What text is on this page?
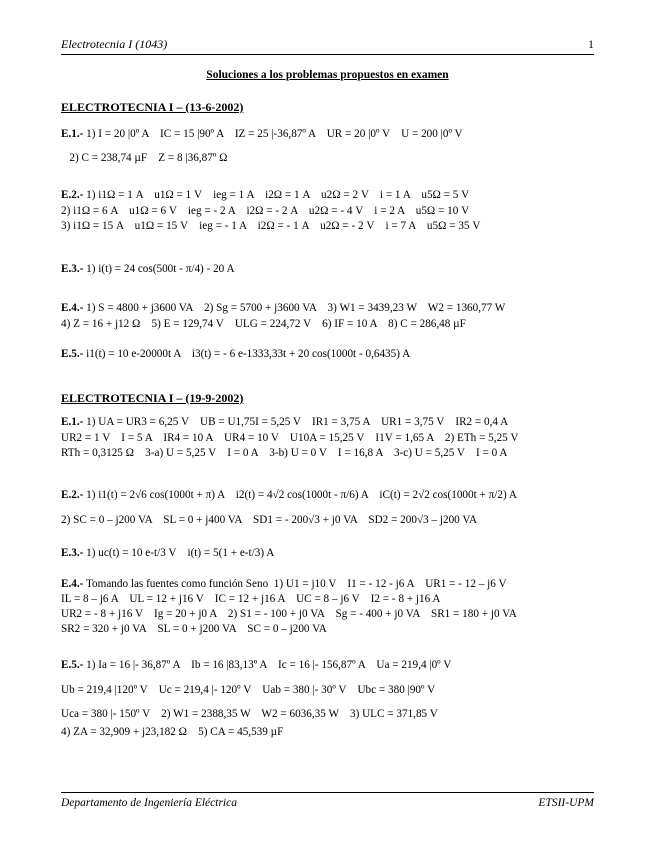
Electrotecnia I (1043)	1
Soluciones a los problemas propuestos en examen
ELECTROTECNIA I – (13-6-2002)
E.1.- 1) I = 20 |0º A    IC = 15 |90º A    IZ = 25 |-36,87º A    UR = 20 |0º V    U = 200 |0º V
2) C = 238,74 µF    Z = 8 |36,87º Ω
E.2.- 1) i1Ω = 1 A    u1Ω = 1 V    ieg = 1 A    i2Ω = 1 A    u2Ω = 2 V    i = 1 A    u5Ω = 5 V
2) i1Ω = 6 A    u1Ω = 6 V    ieg = - 2 A    i2Ω = - 2 A    u2Ω = - 4 V    i = 2 A    u5Ω = 10 V
3) i1Ω = 15 A    u1Ω = 15 V    ieg = - 1 A    i2Ω = - 1 A    u2Ω = - 2 V    i = 7 A    u5Ω = 35 V
E.3.- 1) i(t) = 24 cos(500t - π/4) - 20 A
E.4.- 1) S = 4800 + j3600 VA    2) Sg = 5700 + j3600 VA    3) W1 = 3439,23 W    W2 = 1360,77 W
4) Z = 16 + j12 Ω    5) E = 129,74 V    ULG = 224,72 V    6) IF = 10 A    8) C = 286,48 µF
E.5.- i1(t) = 10 e-20000t A    i3(t) = - 6 e-1333,33t + 20 cos(1000t - 0,6435) A
ELECTROTECNIA I – (19-9-2002)
E.1.- 1) UA = UR3 = 6,25 V    UB = U1,75I = 5,25 V    IR1 = 3,75 A    UR1 = 3,75 V    IR2 = 0,4 A
UR2 = 1 V    I = 5 A    IR4 = 10 A    UR4 = 10 V    U10A = 15,25 V    I1V = 1,65 A    2) ETh = 5,25 V
RTh = 0,3125 Ω    3-a) U = 5,25 V    I = 0 A    3-b) U = 0 V    I = 16,8 A    3-c) U = 5,25 V    I = 0 A
E.2.- 1) i1(t) = 2√6 cos(1000t + π) A    i2(t) = 4√2 cos(1000t - π/6) A    iC(t) = 2√2 cos(1000t + π/2) A
2) SC = 0 – j200 VA    SL = 0 + j400 VA    SD1 = - 200√3 + j0 VA    SD2 = 200√3 – j200 VA
E.3.- 1) uc(t) = 10 e-t/3 V    i(t) = 5(1 + e-t/3) A
E.4.- Tomando las fuentes como función Seno  1) U1 = j10 V    I1 = - 12 - j6 A    UR1 = - 12 – j6 V
IL = 8 – j6 A    UL = 12 + j16 V    IC = 12 + j16 A    UC = 8 – j6 V    I2 = - 8 + j16 A
UR2 = - 8 + j16 V    Ig = 20 + j0 A    2) S1 = - 100 + j0 VA    Sg = - 400 + j0 VA    SR1 = 180 + j0 VA
SR2 = 320 + j0 VA    SL = 0 + j200 VA    SC = 0 – j200 VA
E.5.- 1) Ia = 16 |- 36,87º A    Ib = 16 |83,13º A    Ic = 16 |- 156,87º A    Ua = 219,4 |0º V
Ub = 219,4 |120º V    Uc = 219,4 |- 120º V    Uab = 380 |- 30º V    Ubc = 380 |90º V
Uca = 380 |- 150º V    2) W1 = 2388,35 W    W2 = 6036,35 W    3) ULC = 371,85 V
4) ZA = 32,909 + j23,182 Ω    5) CA = 45,539 µF
Departamento de Ingeniería Eléctrica	ETSII-UPM
